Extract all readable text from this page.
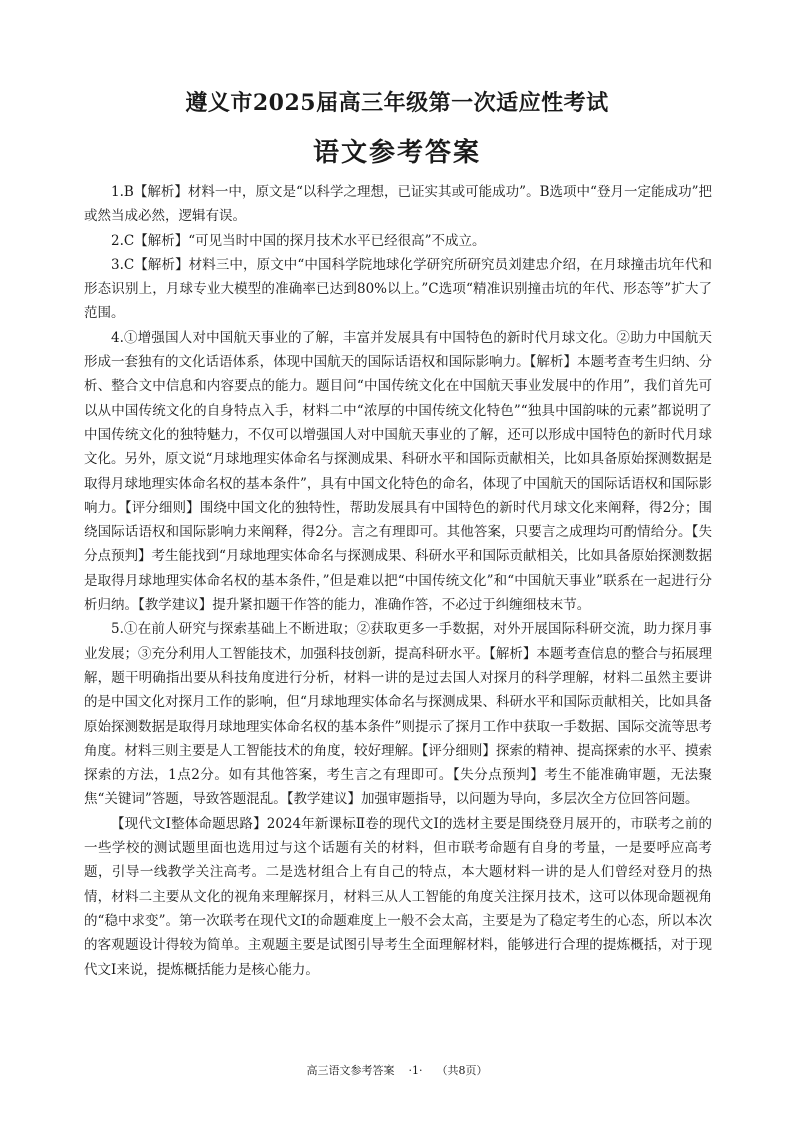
遵义市2025届高三年级第一次适应性考试
语文参考答案

1.B【解析】材料一中，原文是“以科学之理想，已证实其或可能成功”。B选项中“登月一定能成功”把或然当成必然，逻辑有误。

2.C【解析】“可见当时中国的探月技术水平已经很高”不成立。

3.C【解析】材料三中，原文中“中国科学院地球化学研究所研究员刘建忠介绍，在月球撞击坑年代和形态识别上，月球专业大模型的准确率已达到80%以上。”C选项“精准识别撞击坑的年代、形态等”扩大了范围。

4.①增强国人对中国航天事业的了解，丰富并发展具有中国特色的新时代月球文化。②助力中国航天形成一套独有的文化话语体系，体现中国航天的国际话语权和国际影响力。【解析】本题考查考生归纳、分析、整合文中信息和内容要点的能力。题目问“中国传统文化在中国航天事业发展中的作用”，我们首先可以从中国传统文化的自身特点入手，材料二中“浓厚的中国传统文化特色”“独具中国韵味的元素”都说明了中国传统文化的独特魅力，不仅可以增强国人对中国航天事业的了解，还可以形成中国特色的新时代月球文化。另外，原文说“月球地理实体命名与探测成果、科研水平和国际贡献相关，比如具备原始探测数据是取得月球地理实体命名权的基本条件”，具有中国文化特色的命名，体现了中国航天的国际话语权和国际影响力。【评分细则】围绕中国文化的独特性，帮助发展具有中国特色的新时代月球文化来阐释，得2分；围绕国际话语权和国际影响力来阐释，得2分。言之有理即可。其他答案，只要言之成理均可酌情给分。【失分点预判】考生能找到“月球地理实体命名与探测成果、科研水平和国际贡献相关，比如具备原始探测数据是取得月球地理实体命名权的基本条件，”但是难以把“中国传统文化”和“中国航天事业”联系在一起进行分析归纳。【教学建议】提升紧扣题干作答的能力，准确作答，不必过于纠缠细枝末节。

5.①在前人研究与探索基础上不断进取；②获取更多一手数据，对外开展国际科研交流，助力探月事业发展；③充分利用人工智能技术，加强科技创新，提高科研水平。【解析】本题考查信息的整合与拓展理解，题干明确指出要从科技角度进行分析，材料一讲的是过去国人对探月的科学理解，材料二虽然主要讲的是中国文化对探月工作的影响，但“月球地理实体命名与探测成果、科研水平和国际贡献相关，比如具备原始探测数据是取得月球地理实体命名权的基本条件”则提示了探月工作中获取一手数据、国际交流等思考角度。材料三则主要是人工智能技术的角度，较好理解。【评分细则】探索的精神、提高探索的水平、摸索探索的方法，1点2分。如有其他答案，考生言之有理即可。【失分点预判】考生不能准确审题，无法聚焦“关键词”答题，导致答题混乱。【教学建议】加强审题指导，以问题为导向，多层次全方位回答问题。

【现代文Ⅰ整体命题思路】2024年新课标Ⅱ卷的现代文Ⅰ的选材主要是围绕登月展开的，市联考之前的一些学校的测试题里面也选用过与这个话题有关的材料，但市联考命题有自身的考量，一是要呼应高考题，引导一线教学关注高考。二是选材组合上有自己的特点，本大题材料一讲的是人们曾经对登月的热情，材料二主要从文化的视角来理解探月，材料三从人工智能的角度关注探月技术，这可以体现命题视角的“稳中求变”。第一次联考在现代文Ⅰ的命题难度上一般不会太高，主要是为了稳定考生的心态，所以本次的客观题设计得较为简单。主观题主要是试图引导考生全面理解材料，能够进行合理的提炼概括，对于现代文Ⅰ来说，提炼概括能力是核心能力。

高三语文参考答案 ·1· （共8页）
